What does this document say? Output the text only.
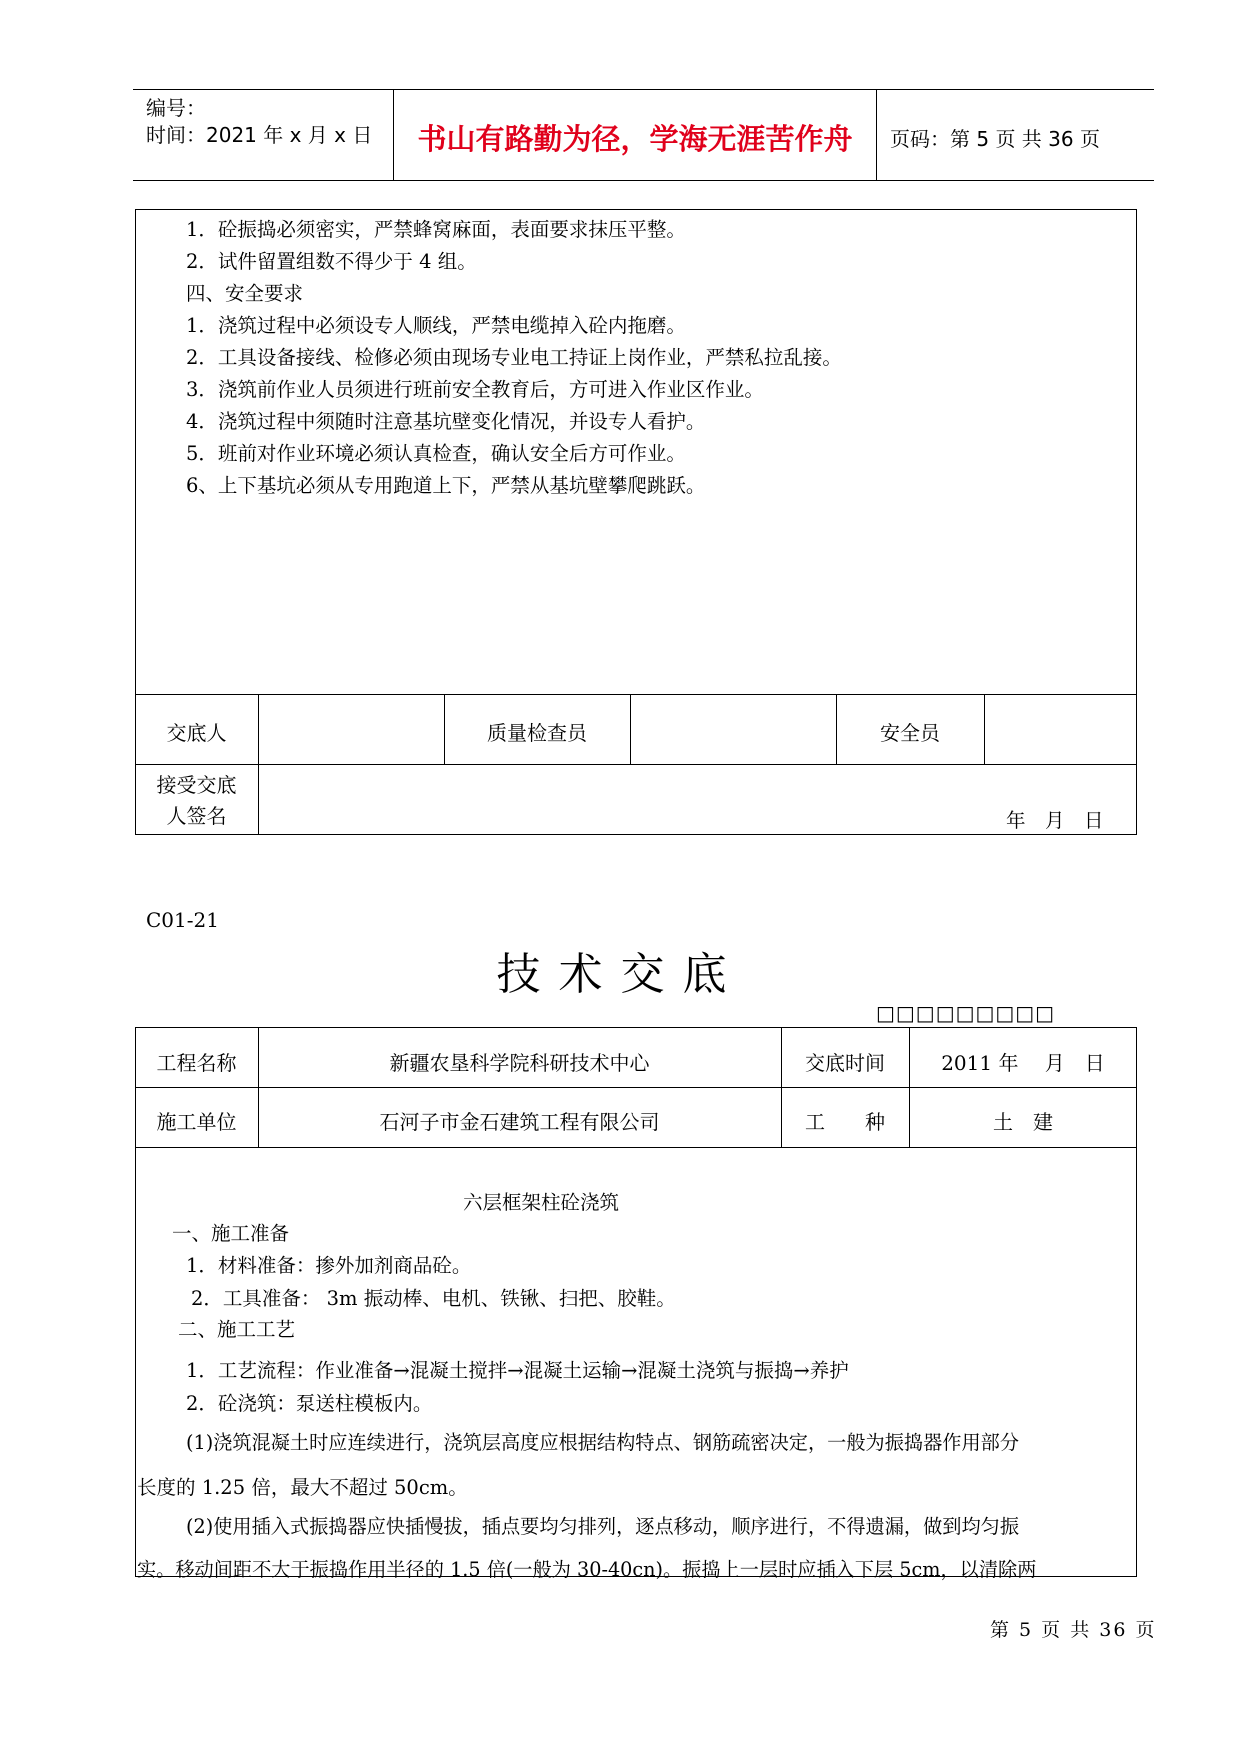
编号：
时间：2021 年 x 月 x 日	书山有路勤为径，学海无涯苦作舟	页码：第 5 页 共 36 页
1．砼振捣必须密实，严禁蜂窝麻面，表面要求抹压平整。
2．试件留置组数不得少于 4 组。
四、安全要求
1．浇筑过程中必须设专人顺线，严禁电缆掉入砼内拖磨。
2．工具设备接线、检修必须由现场专业电工持证上岗作业，严禁私拉乱接。
3．浇筑前作业人员须进行班前安全教育后，方可进入作业区作业。
4．浇筑过程中须随时注意基坑壁变化情况，并设专人看护。
5．班前对作业环境必须认真检查，确认安全后方可作业。
6、上下基坑必须从专用跑道上下，严禁从基坑壁攀爬跳跃。
交底人	质量检查员	安全员
接受交底
人签名	年　月　日
C01-21
技术交底
□□□□□□□□□
工程名称	新疆农垦科学院科研技术中心	交底时间	2011 年　 月　日
施工单位	石河子市金石建筑工程有限公司	工　　种	土　建
六层框架柱砼浇筑
一、施工准备
1．材料准备：掺外加剂商品砼。
2．工具准备： 3m 振动棒、电机、铁锹、扫把、胶鞋。
二、施工工艺
1．工艺流程：作业准备→混凝土搅拌→混凝土运输→混凝土浇筑与振捣→养护
2．砼浇筑：泵送柱模板内。
(1)浇筑混凝土时应连续进行，浇筑层高度应根据结构特点、钢筋疏密决定，一般为振捣器作用部分
长度的 1.25 倍，最大不超过 50cm。
(2)使用插入式振捣器应快插慢拔，插点要均匀排列，逐点移动，顺序进行，不得遗漏，做到均匀振
实。移动间距不大于振捣作用半径的 1.5 倍(一般为 30-40cn)。振捣上一层时应插入下层 5cm，以清除两
第 5 页 共 36 页
